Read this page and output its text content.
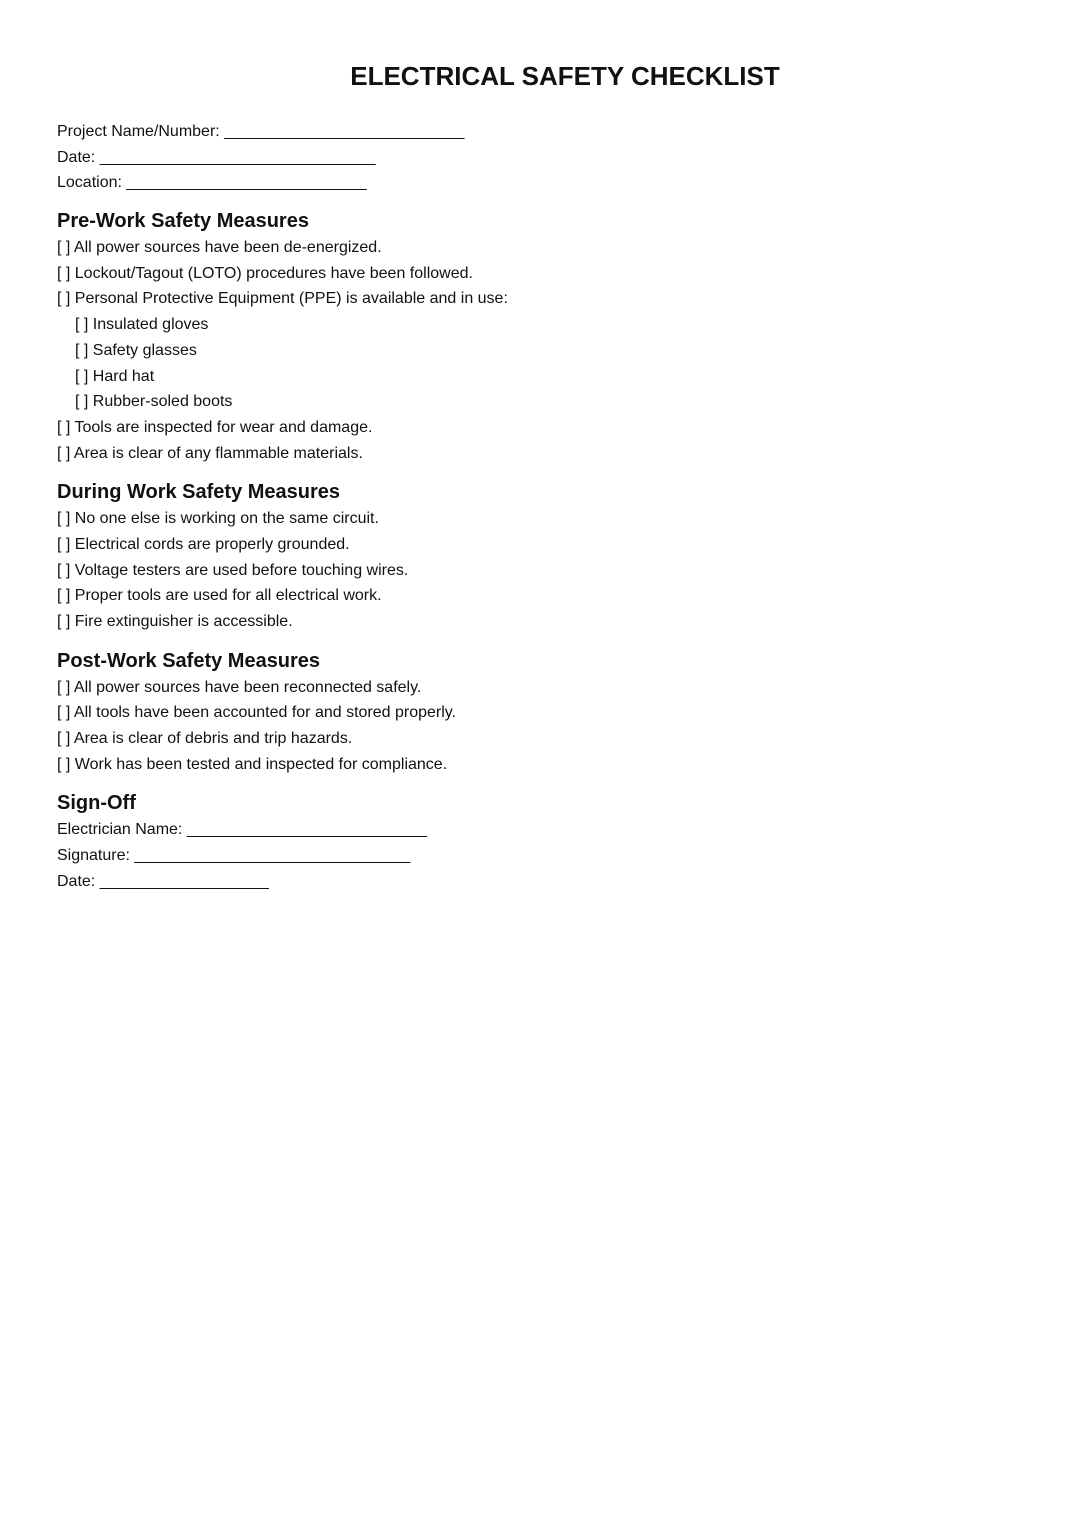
ELECTRICAL SAFETY CHECKLIST
Project Name/Number: ___________________________
Date: _______________________________
Location: ___________________________
Pre-Work Safety Measures
[ ] All power sources have been de-energized.
[ ] Lockout/Tagout (LOTO) procedures have been followed.
[ ] Personal Protective Equipment (PPE) is available and in use:
[ ] Insulated gloves
[ ] Safety glasses
[ ] Hard hat
[ ] Rubber-soled boots
[ ] Tools are inspected for wear and damage.
[ ] Area is clear of any flammable materials.
During Work Safety Measures
[ ] No one else is working on the same circuit.
[ ] Electrical cords are properly grounded.
[ ] Voltage testers are used before touching wires.
[ ] Proper tools are used for all electrical work.
[ ] Fire extinguisher is accessible.
Post-Work Safety Measures
[ ] All power sources have been reconnected safely.
[ ] All tools have been accounted for and stored properly.
[ ] Area is clear of debris and trip hazards.
[ ] Work has been tested and inspected for compliance.
Sign-Off
Electrician Name: ___________________________
Signature: _______________________________
Date: ___________________
